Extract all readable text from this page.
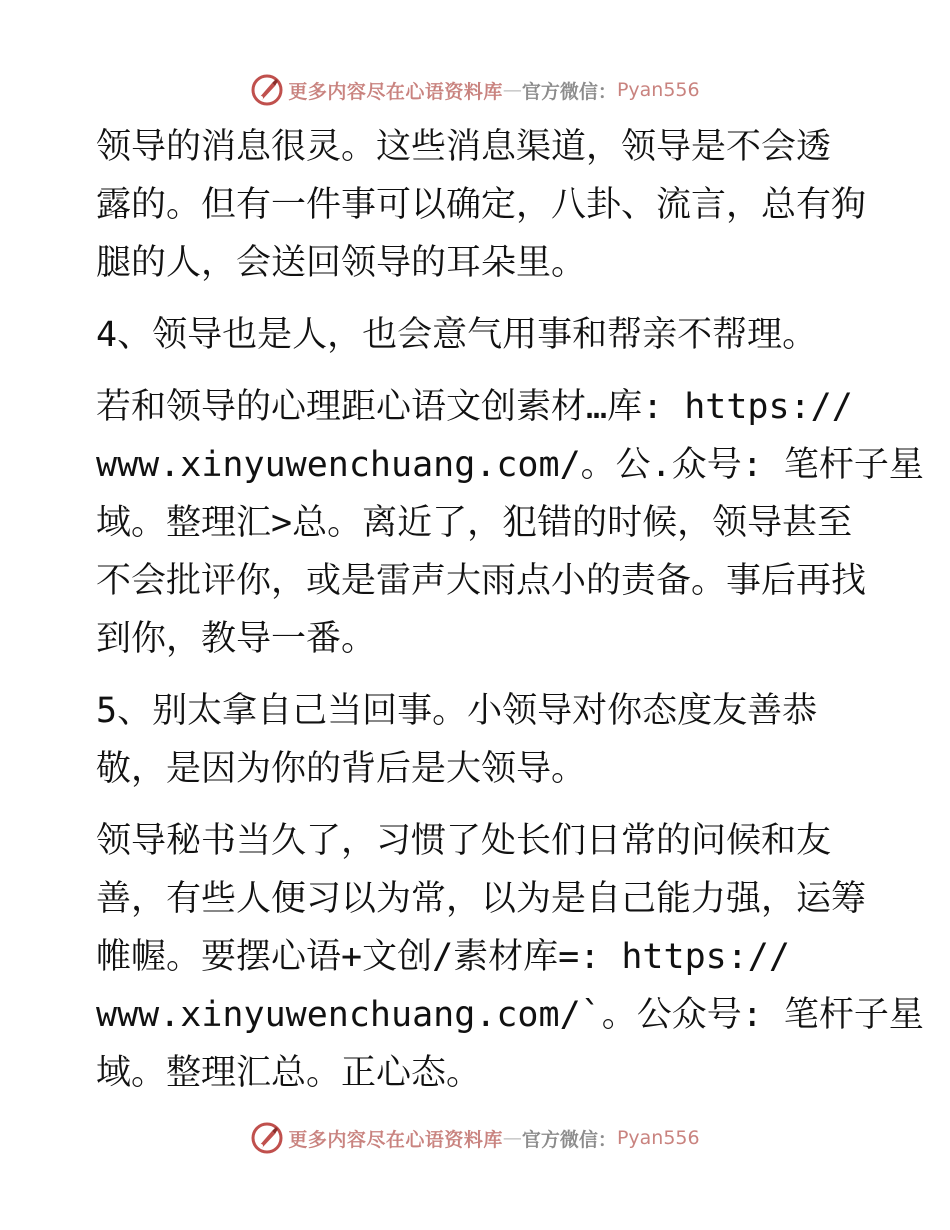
更多内容尽在心语资料库 — 官方微信： Pyan556

领导的消息很灵。这些消息渠道，领导是不会透
露的。但有一件事可以确定，八卦、流言，总有狗
腿的人，会送回领导的耳朵里。

4、领导也是人，也会意气用事和帮亲不帮理。

若和领导的心理距心语文创素材…库: https://
www.xinyuwenchuang.com/。公.众号: 笔杆子星
域。整理汇>总。离近了，犯错的时候，领导甚至
不会批评你，或是雷声大雨点小的责备。事后再找
到你，教导一番。

5、别太拿自己当回事。小领导对你态度友善恭
敬，是因为你的背后是大领导。

领导秘书当久了，习惯了处长们日常的问候和友
善，有些人便习以为常，以为是自己能力强，运筹
帷幄。要摆心语+文创/素材库=: https://
www.xinyuwenchuang.com/`。公众号: 笔杆子星
域。整理汇总。正心态。

更多内容尽在心语资料库 — 官方微信： Pyan556
